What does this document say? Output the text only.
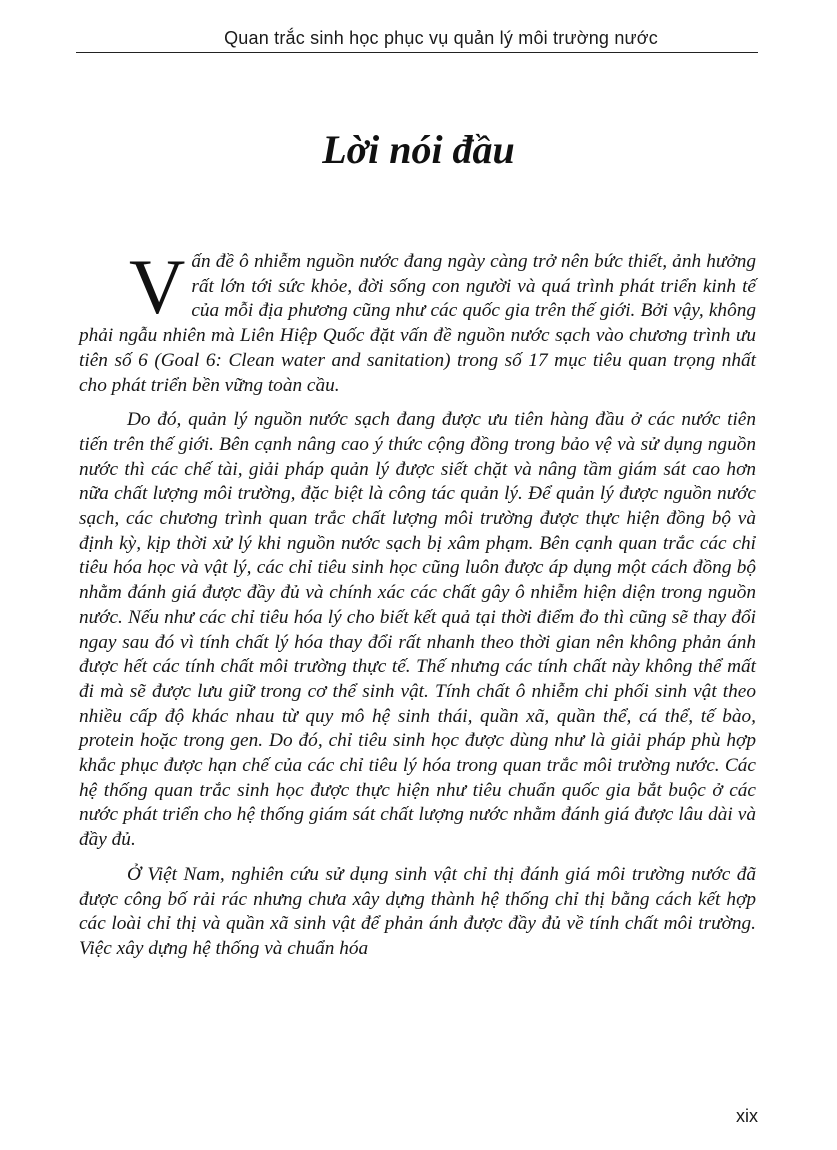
Quan trắc sinh học phục vụ quản lý môi trường nước
Lời nói đầu

Vấn đề ô nhiễm nguồn nước đang ngày càng trở nên bức thiết, ảnh hưởng rất lớn tới sức khỏe, đời sống con người và quá trình phát triển kinh tế của mỗi địa phương cũng như các quốc gia trên thế giới. Bởi vậy, không phải ngẫu nhiên mà Liên Hiệp Quốc đặt vấn đề nguồn nước sạch vào chương trình ưu tiên số 6 (Goal 6: Clean water and sanitation) trong số 17 mục tiêu quan trọng nhất cho phát triển bền vững toàn cầu.

Do đó, quản lý nguồn nước sạch đang được ưu tiên hàng đầu ở các nước tiên tiến trên thế giới. Bên cạnh nâng cao ý thức cộng đồng trong bảo vệ và sử dụng nguồn nước thì các chế tài, giải pháp quản lý được siết chặt và nâng tầm giám sát cao hơn nữa chất lượng môi trường, đặc biệt là công tác quản lý. Để quản lý được nguồn nước sạch, các chương trình quan trắc chất lượng môi trường được thực hiện đồng bộ và định kỳ, kịp thời xử lý khi nguồn nước sạch bị xâm phạm. Bên cạnh quan trắc các chỉ tiêu hóa học và vật lý, các chỉ tiêu sinh học cũng luôn được áp dụng một cách đồng bộ nhằm đánh giá được đầy đủ và chính xác các chất gây ô nhiễm hiện diện trong nguồn nước. Nếu như các chỉ tiêu hóa lý cho biết kết quả tại thời điểm đo thì cũng sẽ thay đổi ngay sau đó vì tính chất lý hóa thay đổi rất nhanh theo thời gian nên không phản ánh được hết các tính chất môi trường thực tế. Thế nhưng các tính chất này không thể mất đi mà sẽ được lưu giữ trong cơ thể sinh vật. Tính chất ô nhiễm chi phối sinh vật theo nhiều cấp độ khác nhau từ quy mô hệ sinh thái, quần xã, quần thể, cá thể, tế bào, protein hoặc trong gen. Do đó, chỉ tiêu sinh học được dùng như là giải pháp phù hợp khắc phục được hạn chế của các chỉ tiêu lý hóa trong quan trắc môi trường nước. Các hệ thống quan trắc sinh học được thực hiện như tiêu chuẩn quốc gia bắt buộc ở các nước phát triển cho hệ thống giám sát chất lượng nước nhằm đánh giá được lâu dài và đầy đủ.

Ở Việt Nam, nghiên cứu sử dụng sinh vật chỉ thị đánh giá môi trường nước đã được công bố rải rác nhưng chưa xây dựng thành hệ thống chỉ thị bằng cách kết hợp các loài chỉ thị và quần xã sinh vật để phản ánh được đầy đủ về tính chất môi trường. Việc xây dựng hệ thống và chuẩn hóa

xix
